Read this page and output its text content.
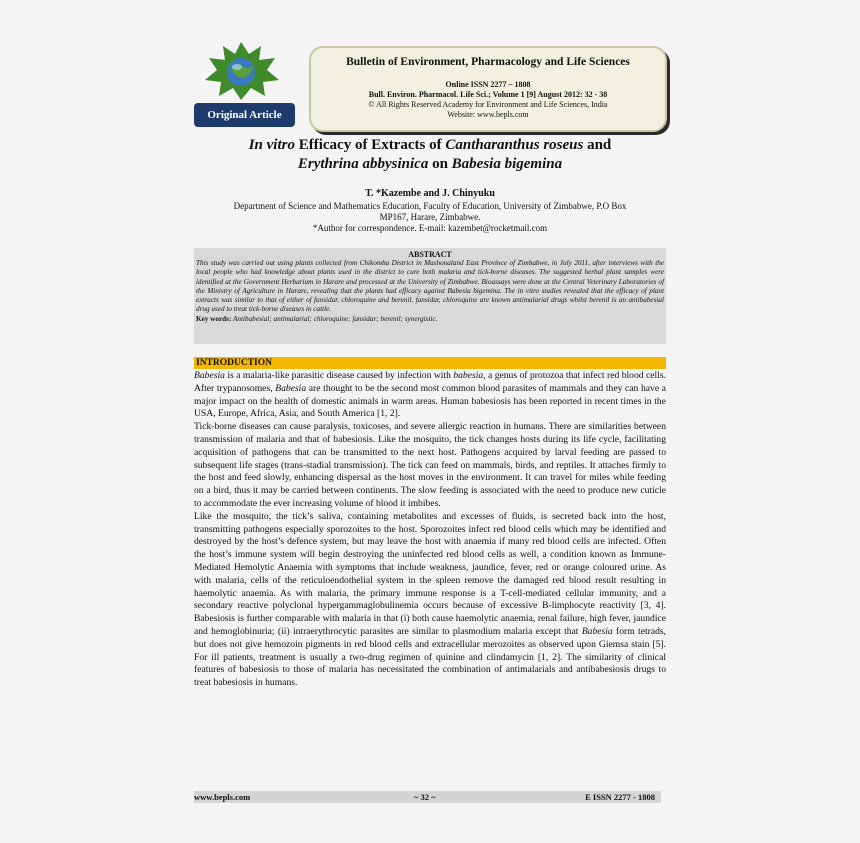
Original Article
Bulletin of Environment, Pharmacology and Life Sciences
Online ISSN 2277 – 1808
Bull. Environ. Pharmacol. Life Sci.; Volume 1 [9] August 2012: 32 - 38
© All Rights Reserved Academy for Environment and Life Sciences, India
Website: www.bepls.com
In vitro Efficacy of Extracts of Cantharanthus roseus and
Erythrina abbysinica on Babesia bigemina
T. *Kazembe and J. Chinyuku
Department of Science and Mathematics Education, Faculty of Education, University of Zimbabwe, P.O Box
MP167, Harare, Zimbabwe.
*Author for correspondence. E-mail: kazembet@rocketmail.com
ABSTRACT
This study was carried out using plants collected from Chikomba District in Mashonaland East Province of Zimbabwe, in July 2011, after interviews with the local people who had knowledge about plants used in the district to cure both malaria and tick-borne diseases. The suggested herbal plant samples were identified at the Government Herbarium in Harare and processed at the University of Zimbabwe. Bioassays were done at the Central Veterinary Laboratories of the Ministry of Agriculture in Harare, revealing that the plants had efficacy against Babesia bigemina. The in vitro studies revealed that the efficacy of plant extracts was similar to that of either of fansidar, chloroquine and berenil. fansidar, chloroquine are known antimalarial drugs whilst berenil is an antibabesial drug used to treat tick-borne diseases in cattle.
Key words: Antibabesial; antimalarial; chloroquine; fansidar; berenil; synergistic.
INTRODUCTION

Babesia is a malaria-like parasitic disease caused by infection with babesia, a genus of protozoa that infect red blood cells. After trypanosomes, Babesia are thought to be the second most common blood parasites of mammals and they can have a major impact on the health of domestic animals in warm areas. Human babesiosis has been reported in recent times in the USA, Europe, Africa, Asia, and South America [1, 2].

Tick-borne diseases can cause paralysis, toxicoses, and severe allergic reaction in humans. There are similarities between transmission of malaria and that of babesiosis. Like the mosquito, the tick changes hosts during its life cycle, facilitating acquisition of pathogens that can be transmitted to the next host. Pathogens acquired by larval feeding are passed to subsequent life stages (trans-stadial transmission). The tick can feed on mammals, birds, and reptiles. It attaches firmly to the host and feed slowly, enhancing dispersal as the host moves in the environment. It can travel for miles while feeding on a bird, thus it may be carried between continents. The slow feeding is associated with the need to produce new cuticle to accommodate the ever increasing volume of blood it imbibes.

Like the mosquito, the tick’s saliva, containing metabolites and excesses of fluids, is secreted back into the host, transmitting pathogens especially sporozoites to the host. Sporozoites infect red blood cells which may be identified and destroyed by the host’s defence system, but may leave the host with anaemia if many red blood cells are infected. Often the host’s immune system will begin destroying the uninfected red blood cells as well, a condition known as Immune-Mediated Hemolytic Anaemia with symptoms that include weakness, jaundice, fever, red or orange coloured urine. As with malaria, cells of the reticuloendothelial system in the spleen remove the damaged red blood result resulting in haemolytic anaemia. As with malaria, the primary immune response is a T-cell-mediated cellular immunity, and a secondary reactive polyclonal hypergammaglobulinemia occurs because of excessive B-limphocyte reactivity [3, 4]. Babesiosis is further comparable with malaria in that (i) both cause haemolytic anaemia, renal failure, high fever, jaundice and hemoglobinuria; (ii) intraerythrocytic parasites are similar to plasmodium malaria except that Babesia form tetrads, but does not give hemozoin pigments in red blood cells and extracellular merozoites as observed upon Giemsa stain [5]. For ill patients, treatment is usually a two-drug regimen of quinine and clindamycin [1, 2]. The similarity of clinical features of babesiosis to those of malaria has necessitated the combination of antimalarials and antibabesiosis drugs to treat babesiosis in humans.

www.bepls.com	~ 32 ~	E ISSN 2277 - 1808
